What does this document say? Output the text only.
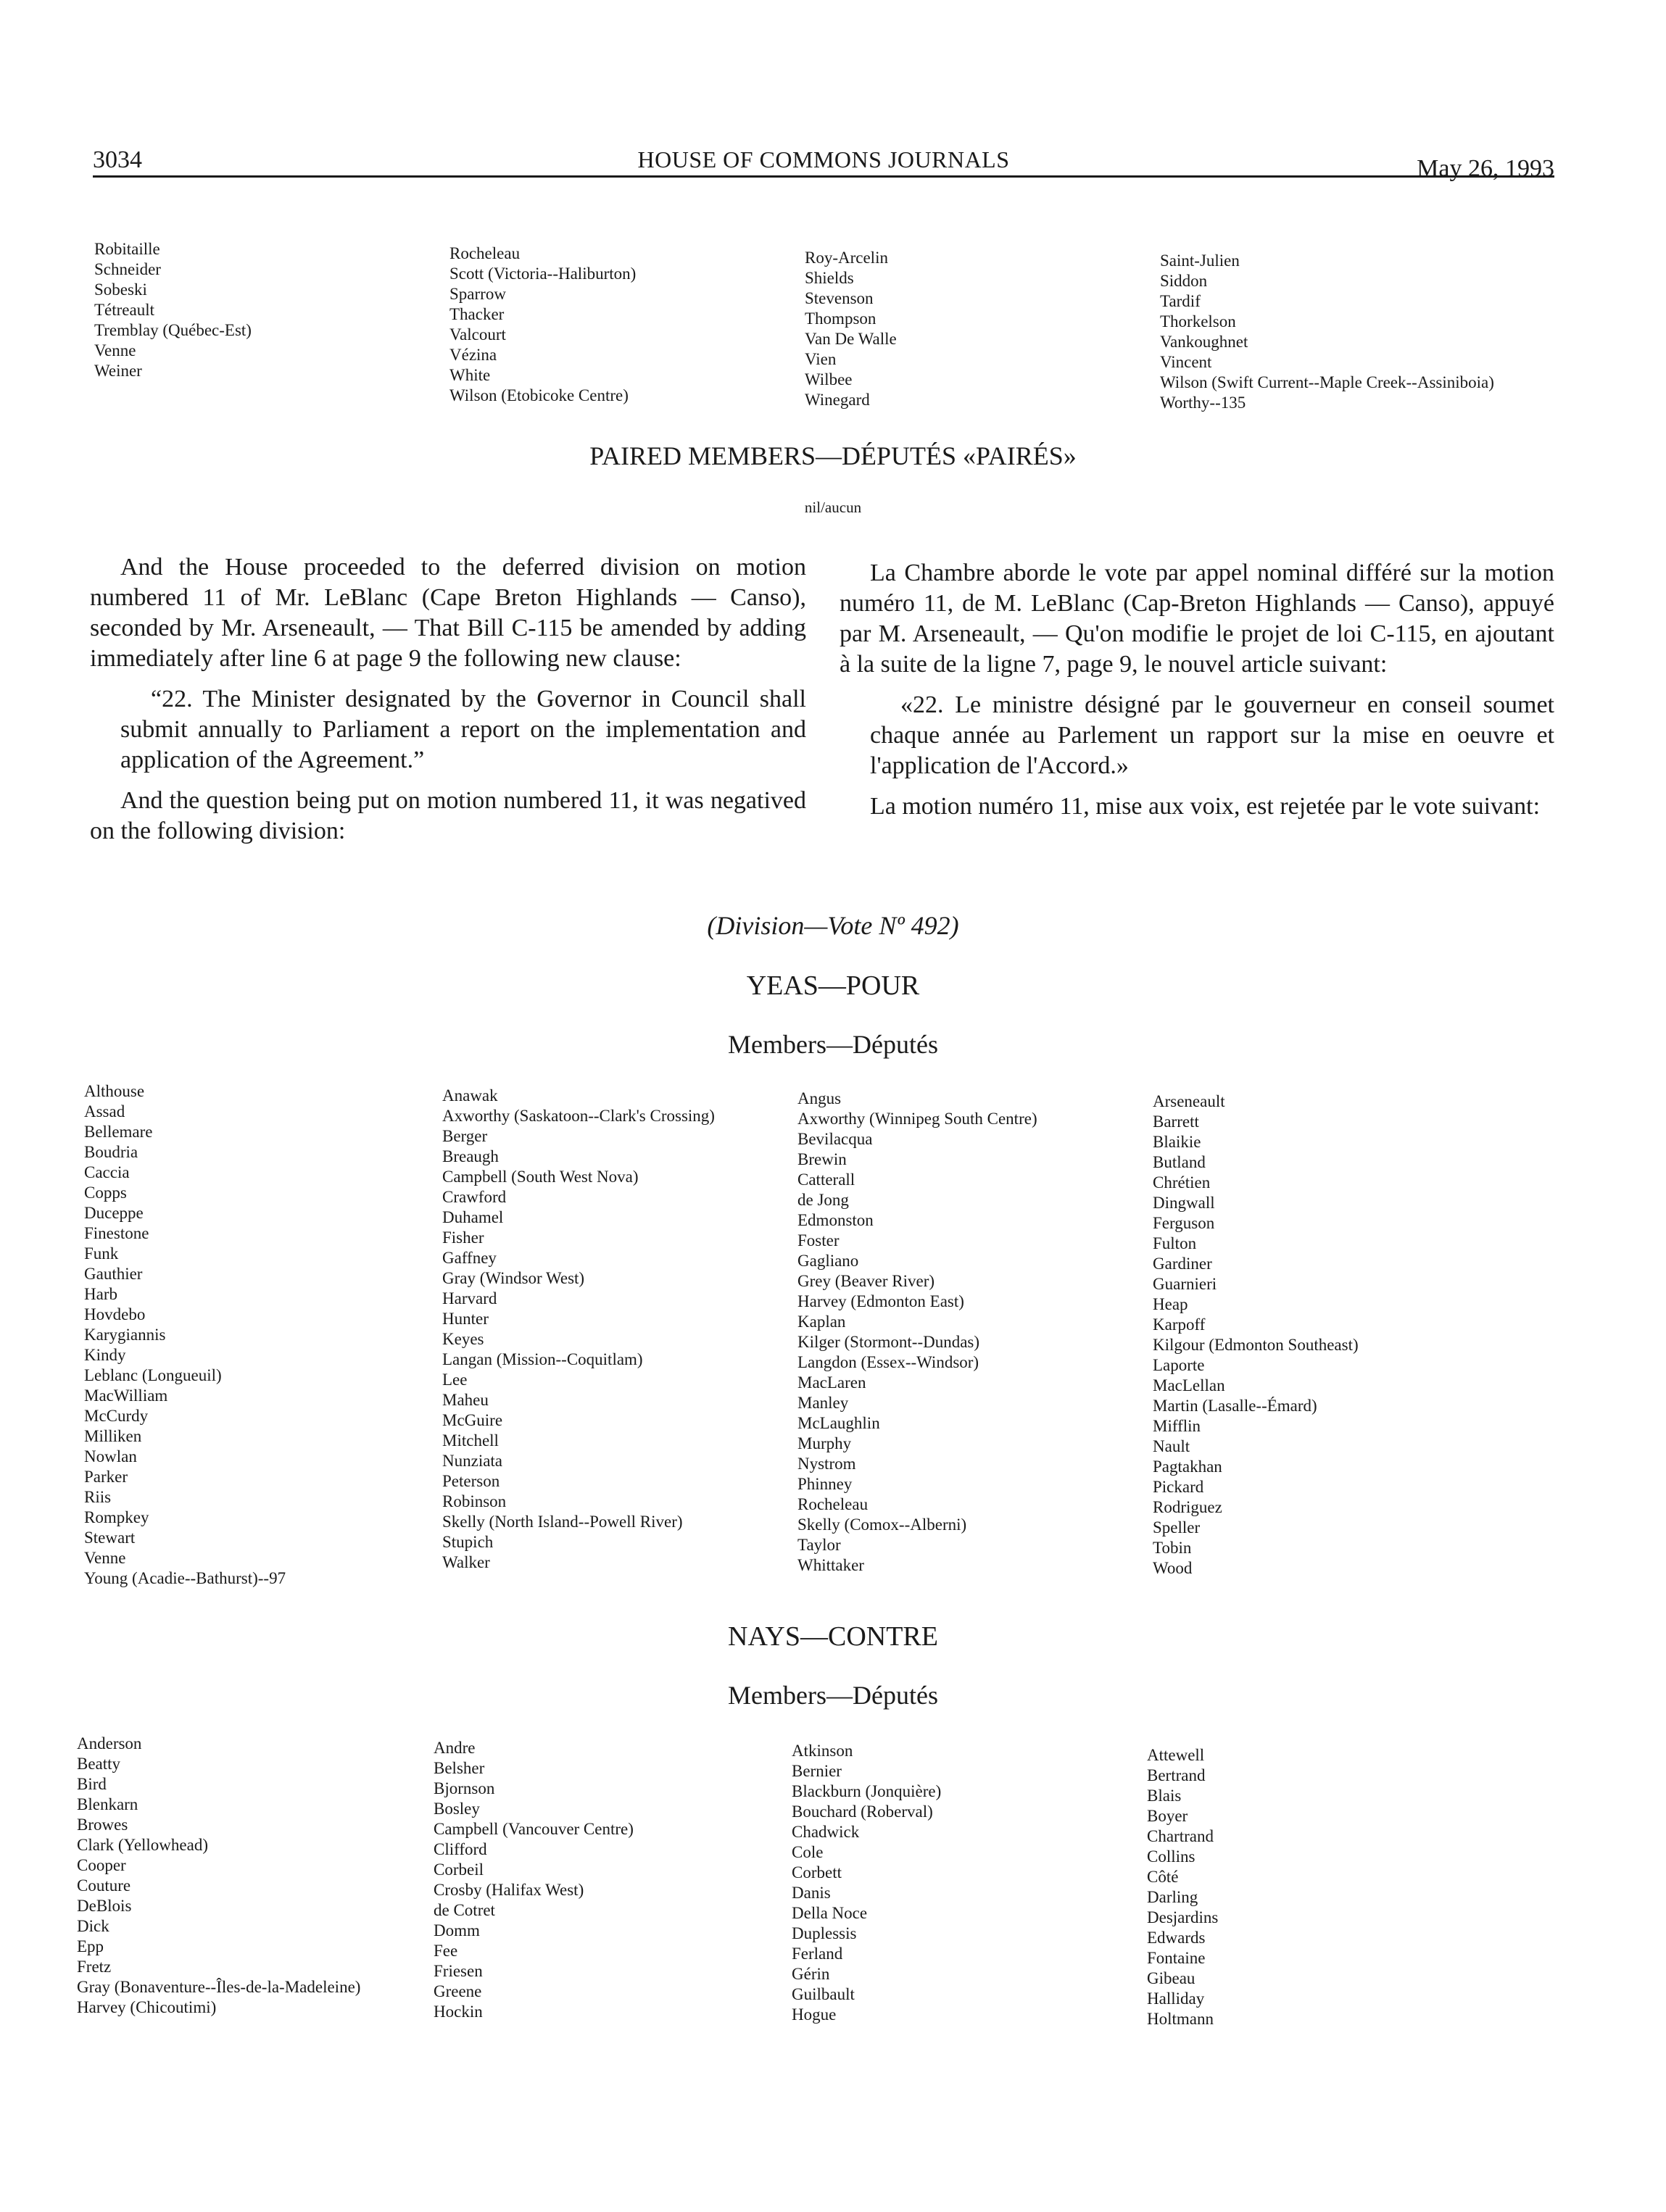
3034	HOUSE OF COMMONS JOURNALS	May 26, 1993
Robitaille
Schneider
Sobeski
Tétreault
Tremblay (Québec-Est)
Venne
Weiner
Rocheleau
Scott (Victoria--Haliburton)
Sparrow
Thacker
Valcourt
Vézina
White
Wilson (Etobicoke Centre)
Roy-Arcelin
Shields
Stevenson
Thompson
Van De Walle
Vien
Wilbee
Winegard
Saint-Julien
Siddon
Tardif
Thorkelson
Vankoughnet
Vincent
Wilson (Swift Current--Maple Creek--Assiniboia)
Worthy--135
PAIRED MEMBERS—DÉPUTÉS «PAIRÉS»
nil/aucun

And the House proceeded to the deferred division on motion numbered 11 of Mr. LeBlanc (Cape Breton Highlands — Canso), seconded by Mr. Arseneault, — That Bill C-115 be amended by adding immediately after line 6 at page 9 the following new clause:

“22. The Minister designated by the Governor in Council shall submit annually to Parliament a report on the implementation and application of the Agreement.”

And the question being put on motion numbered 11, it was negatived on the following division:

La Chambre aborde le vote par appel nominal différé sur la motion numéro 11, de M. LeBlanc (Cap-Breton Highlands — Canso), appuyé par M. Arseneault, — Qu'on modifie le projet de loi C-115, en ajoutant à la suite de la ligne 7, page 9, le nouvel article suivant:

«22. Le ministre désigné par le gouverneur en conseil soumet chaque année au Parlement un rapport sur la mise en oeuvre et l'application de l'Accord.»

La motion numéro 11, mise aux voix, est rejetée par le vote suivant:

(Division—Vote Nº 492)
YEAS—POUR
Members—Députés
Althouse
Assad
Bellemare
Boudria
Caccia
Copps
Duceppe
Finestone
Funk
Gauthier
Harb
Hovdebo
Karygiannis
Kindy
Leblanc (Longueuil)
MacWilliam
McCurdy
Milliken
Nowlan
Parker
Riis
Rompkey
Stewart
Venne
Young (Acadie--Bathurst)--97
Anawak
Axworthy (Saskatoon--Clark's Crossing)
Berger
Breaugh
Campbell (South West Nova)
Crawford
Duhamel
Fisher
Gaffney
Gray (Windsor West)
Harvard
Hunter
Keyes
Langan (Mission--Coquitlam)
Lee
Maheu
McGuire
Mitchell
Nunziata
Peterson
Robinson
Skelly (North Island--Powell River)
Stupich
Walker
Angus
Axworthy (Winnipeg South Centre)
Bevilacqua
Brewin
Catterall
de Jong
Edmonston
Foster
Gagliano
Grey (Beaver River)
Harvey (Edmonton East)
Kaplan
Kilger (Stormont--Dundas)
Langdon (Essex--Windsor)
MacLaren
Manley
McLaughlin
Murphy
Nystrom
Phinney
Rocheleau
Skelly (Comox--Alberni)
Taylor
Whittaker
Arseneault
Barrett
Blaikie
Butland
Chrétien
Dingwall
Ferguson
Fulton
Gardiner
Guarnieri
Heap
Karpoff
Kilgour (Edmonton Southeast)
Laporte
MacLellan
Martin (Lasalle--Émard)
Mifflin
Nault
Pagtakhan
Pickard
Rodriguez
Speller
Tobin
Wood
NAYS—CONTRE
Members—Députés
Anderson
Beatty
Bird
Blenkarn
Browes
Clark (Yellowhead)
Cooper
Couture
DeBlois
Dick
Epp
Fretz
Gray (Bonaventure--Îles-de-la-Madeleine)
Harvey (Chicoutimi)
Andre
Belsher
Bjornson
Bosley
Campbell (Vancouver Centre)
Clifford
Corbeil
Crosby (Halifax West)
de Cotret
Domm
Fee
Friesen
Greene
Hockin
Atkinson
Bernier
Blackburn (Jonquière)
Bouchard (Roberval)
Chadwick
Cole
Corbett
Danis
Della Noce
Duplessis
Ferland
Gérin
Guilbault
Hogue
Attewell
Bertrand
Blais
Boyer
Chartrand
Collins
Côté
Darling
Desjardins
Edwards
Fontaine
Gibeau
Halliday
Holtmann
